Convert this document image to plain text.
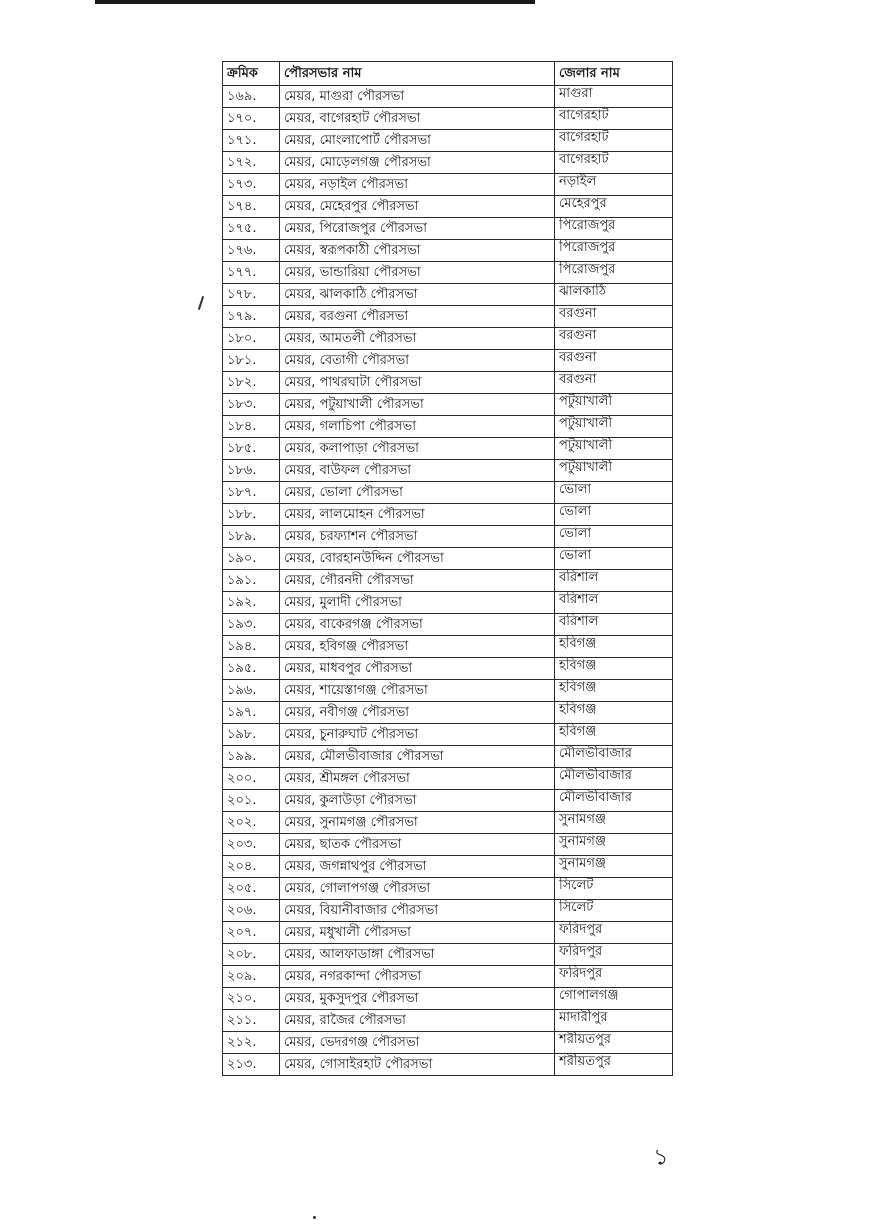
ক্রমিক	পৌরসভার নাম	জেলার নাম
১৬৯.	মেয়র, মাগুরা পৌরসভা	মাগুরা
১৭০.	মেয়র, বাগেরহাট পৌরসভা	বাগেরহাট
১৭১.	মেয়র, মোংলাপোর্ট পৌরসভা	বাগেরহাট
১৭২.	মেয়র, মোড়েলগঞ্জ পৌরসভা	বাগেরহাট
১৭৩.	মেয়র, নড়াইল পৌরসভা	নড়াইল
১৭৪.	মেয়র, মেহেরপুর পৌরসভা	মেহেরপুর
১৭৫.	মেয়র, পিরোজপুর পৌরসভা	পিরোজপুর
১৭৬.	মেয়র, স্বরূপকাঠী পৌরসভা	পিরোজপুর
১৭৭.	মেয়র, ভান্ডারিয়া পৌরসভা	পিরোজপুর
১৭৮.	মেয়র, ঝালকাঠি পৌরসভা	ঝালকাঠি
১৭৯.	মেয়র, বরগুনা পৌরসভা	বরগুনা
১৮০.	মেয়র, আমতলী পৌরসভা	বরগুনা
১৮১.	মেয়র, বেতাগী পৌরসভা	বরগুনা
১৮২.	মেয়র, পাথরঘাটা পৌরসভা	বরগুনা
১৮৩.	মেয়র, পটুয়াখালী পৌরসভা	পটুয়াখালী
১৮৪.	মেয়র, গলাচিপা পৌরসভা	পটুয়াখালী
১৮৫.	মেয়র, কলাপাড়া পৌরসভা	পটুয়াখালী
১৮৬.	মেয়র, বাউফল পৌরসভা	পটুয়াখালী
১৮৭.	মেয়র, ভোলা পৌরসভা	ভোলা
১৮৮.	মেয়র, লালমোহন পৌরসভা	ভোলা
১৮৯.	মেয়র, চরফ্যাশন পৌরসভা	ভোলা
১৯০.	মেয়র, বোরহানউদ্দিন পৌরসভা	ভোলা
১৯১.	মেয়র, গৌরনদী পৌরসভা	বরিশাল
১৯২.	মেয়র, মুলাদী পৌরসভা	বরিশাল
১৯৩.	মেয়র, বাকেরগঞ্জ পৌরসভা	বরিশাল
১৯৪.	মেয়র, হবিগঞ্জ পৌরসভা	হবিগঞ্জ
১৯৫.	মেয়র, মাধবপুর পৌরসভা	হবিগঞ্জ
১৯৬.	মেয়র, শায়েস্তাগঞ্জ পৌরসভা	হবিগঞ্জ
১৯৭.	মেয়র, নবীগঞ্জ পৌরসভা	হবিগঞ্জ
১৯৮.	মেয়র, চুনারুঘাট পৌরসভা	হবিগঞ্জ
১৯৯.	মেয়র, মৌলভীবাজার পৌরসভা	মৌলভীবাজার
২০০.	মেয়র, শ্রীমঙ্গল পৌরসভা	মৌলভীবাজার
২০১.	মেয়র, কুলাউড়া পৌরসভা	মৌলভীবাজার
২০২.	মেয়র, সুনামগঞ্জ পৌরসভা	সুনামগঞ্জ
২০৩.	মেয়র, ছাতক পৌরসভা	সুনামগঞ্জ
২০৪.	মেয়র, জগন্নাথপুর পৌরসভা	সুনামগঞ্জ
২০৫.	মেয়র, গোলাপগঞ্জ পৌরসভা	সিলেট
২০৬.	মেয়র, বিয়ানীবাজার পৌরসভা	সিলেট
২০৭.	মেয়র, মধুখালী পৌরসভা	ফরিদপুর
২০৮.	মেয়র, আলফাডাঙ্গা পৌরসভা	ফরিদপুর
২০৯.	মেয়র, নগরকান্দা পৌরসভা	ফরিদপুর
২১০.	মেয়র, মুকসুদপুর পৌরসভা	গোপালগঞ্জ
২১১.	মেয়র, রাজৈর পৌরসভা	মাদারীপুর
২১২.	মেয়র, ভেদরগঞ্জ পৌরসভা	শরীয়তপুর
২১৩.	মেয়র, গোসাইরহাট পৌরসভা	শরীয়তপুর
১
